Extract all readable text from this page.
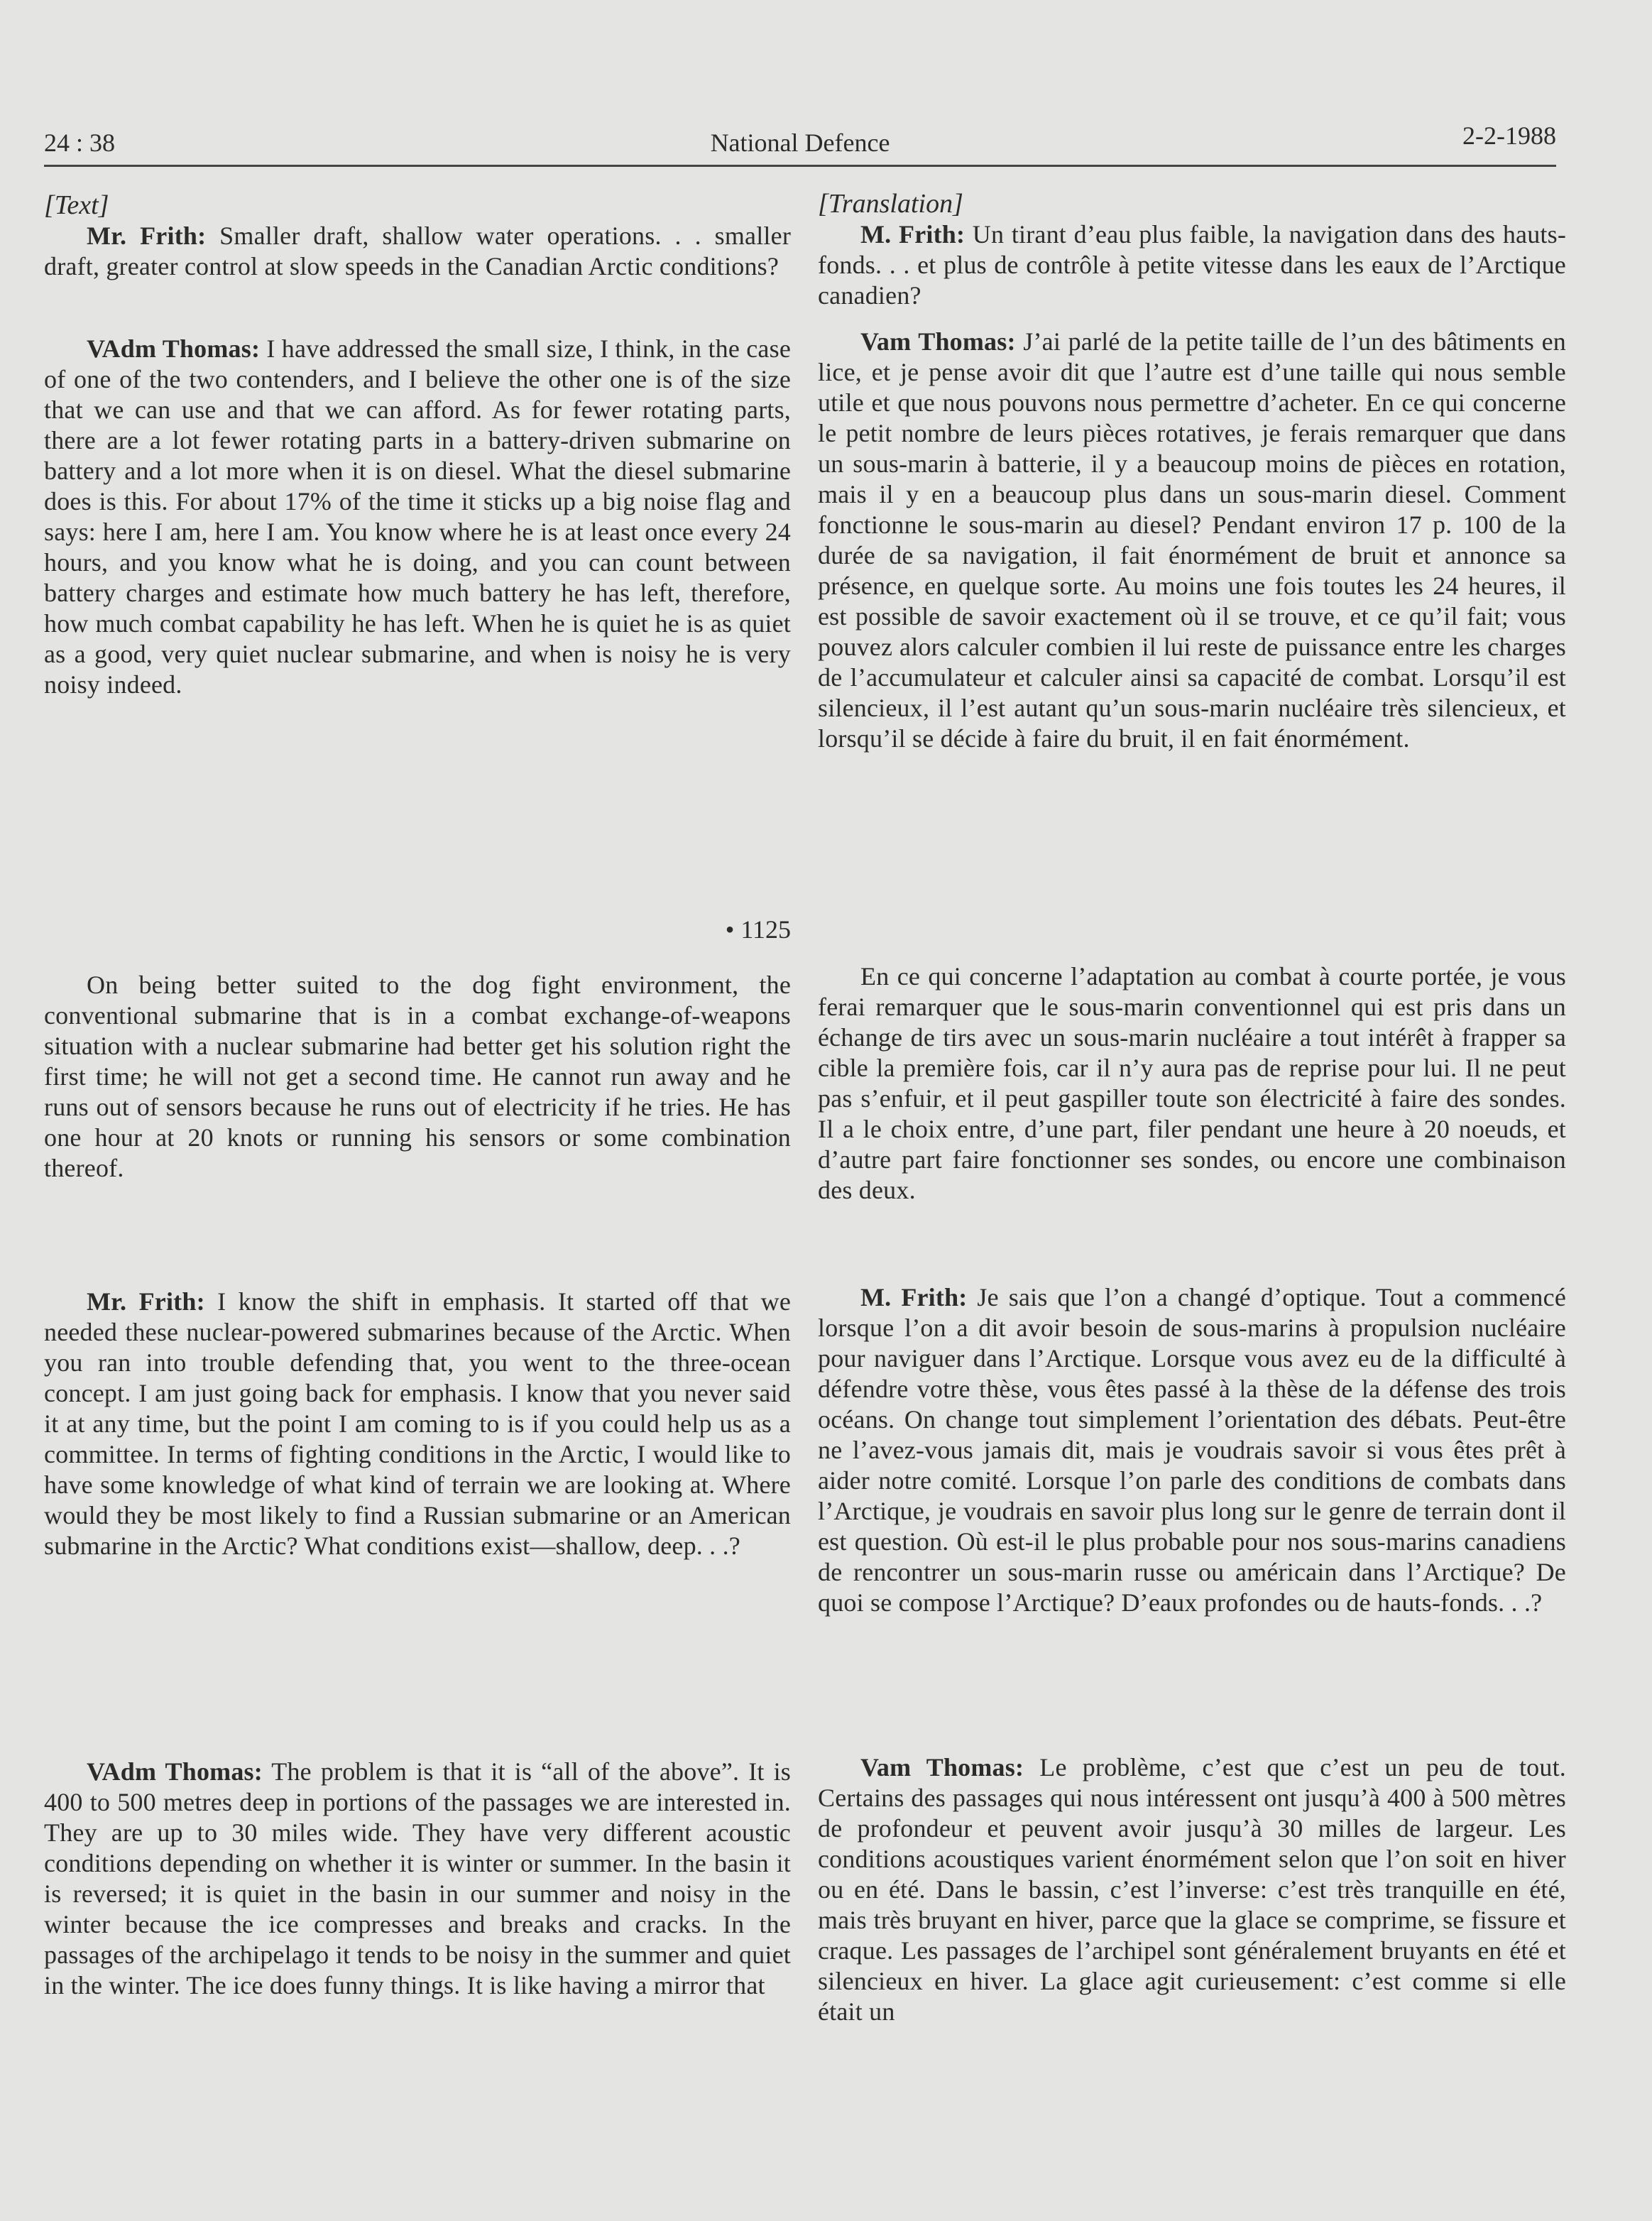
24 : 38	National Defence	2-2-1988
[Text]

Mr. Frith: Smaller draft, shallow water operations. . . smaller draft, greater control at slow speeds in the Canadian Arctic conditions?

VAdm Thomas: I have addressed the small size, I think, in the case of one of the two contenders, and I believe the other one is of the size that we can use and that we can afford. As for fewer rotating parts, there are a lot fewer rotating parts in a battery-driven submarine on battery and a lot more when it is on diesel. What the diesel submarine does is this. For about 17% of the time it sticks up a big noise flag and says: here I am, here I am. You know where he is at least once every 24 hours, and you know what he is doing, and you can count between battery charges and estimate how much battery he has left, therefore, how much combat capability he has left. When he is quiet he is as quiet as a good, very quiet nuclear submarine, and when is noisy he is very noisy indeed.

• 1125

On being better suited to the dog fight environment, the conventional submarine that is in a combat exchange-of-weapons situation with a nuclear submarine had better get his solution right the first time; he will not get a second time. He cannot run away and he runs out of sensors because he runs out of electricity if he tries. He has one hour at 20 knots or running his sensors or some combination thereof.

Mr. Frith: I know the shift in emphasis. It started off that we needed these nuclear-powered submarines because of the Arctic. When you ran into trouble defending that, you went to the three-ocean concept. I am just going back for emphasis. I know that you never said it at any time, but the point I am coming to is if you could help us as a committee. In terms of fighting conditions in the Arctic, I would like to have some knowledge of what kind of terrain we are looking at. Where would they be most likely to find a Russian submarine or an American submarine in the Arctic? What conditions exist—shallow, deep. . .?

VAdm Thomas: The problem is that it is “all of the above”. It is 400 to 500 metres deep in portions of the passages we are interested in. They are up to 30 miles wide. They have very different acoustic conditions depending on whether it is winter or summer. In the basin it is reversed; it is quiet in the basin in our summer and noisy in the winter because the ice compresses and breaks and cracks. In the passages of the archipelago it tends to be noisy in the summer and quiet in the winter. The ice does funny things. It is like having a mirror that

[Translation]

M. Frith: Un tirant d’eau plus faible, la navigation dans des hauts-fonds. . . et plus de contrôle à petite vitesse dans les eaux de l’Arctique canadien?

Vam Thomas: J’ai parlé de la petite taille de l’un des bâtiments en lice, et je pense avoir dit que l’autre est d’une taille qui nous semble utile et que nous pouvons nous permettre d’acheter. En ce qui concerne le petit nombre de leurs pièces rotatives, je ferais remarquer que dans un sous-marin à batterie, il y a beaucoup moins de pièces en rotation, mais il y en a beaucoup plus dans un sous-marin diesel. Comment fonctionne le sous-marin au diesel? Pendant environ 17 p. 100 de la durée de sa navigation, il fait énormément de bruit et annonce sa présence, en quelque sorte. Au moins une fois toutes les 24 heures, il est possible de savoir exactement où il se trouve, et ce qu’il fait; vous pouvez alors calculer combien il lui reste de puissance entre les charges de l’accumulateur et calculer ainsi sa capacité de combat. Lorsqu’il est silencieux, il l’est autant qu’un sous-marin nucléaire très silencieux, et lorsqu’il se décide à faire du bruit, il en fait énormément.

En ce qui concerne l’adaptation au combat à courte portée, je vous ferai remarquer que le sous-marin conventionnel qui est pris dans un échange de tirs avec un sous-marin nucléaire a tout intérêt à frapper sa cible la première fois, car il n’y aura pas de reprise pour lui. Il ne peut pas s’enfuir, et il peut gaspiller toute son électricité à faire des sondes. Il a le choix entre, d’une part, filer pendant une heure à 20 noeuds, et d’autre part faire fonctionner ses sondes, ou encore une combinaison des deux.

M. Frith: Je sais que l’on a changé d’optique. Tout a commencé lorsque l’on a dit avoir besoin de sous-marins à propulsion nucléaire pour naviguer dans l’Arctique. Lorsque vous avez eu de la difficulté à défendre votre thèse, vous êtes passé à la thèse de la défense des trois océans. On change tout simplement l’orientation des débats. Peut-être ne l’avez-vous jamais dit, mais je voudrais savoir si vous êtes prêt à aider notre comité. Lorsque l’on parle des conditions de combats dans l’Arctique, je voudrais en savoir plus long sur le genre de terrain dont il est question. Où est-il le plus probable pour nos sous-marins canadiens de rencontrer un sous-marin russe ou américain dans l’Arctique? De quoi se compose l’Arctique? D’eaux profondes ou de hauts-fonds. . .?

Vam Thomas: Le problème, c’est que c’est un peu de tout. Certains des passages qui nous intéressent ont jusqu’à 400 à 500 mètres de profondeur et peuvent avoir jusqu’à 30 milles de largeur. Les conditions acoustiques varient énormément selon que l’on soit en hiver ou en été. Dans le bassin, c’est l’inverse: c’est très tranquille en été, mais très bruyant en hiver, parce que la glace se comprime, se fissure et craque. Les passages de l’archipel sont généralement bruyants en été et silencieux en hiver. La glace agit curieusement: c’est comme si elle était un
